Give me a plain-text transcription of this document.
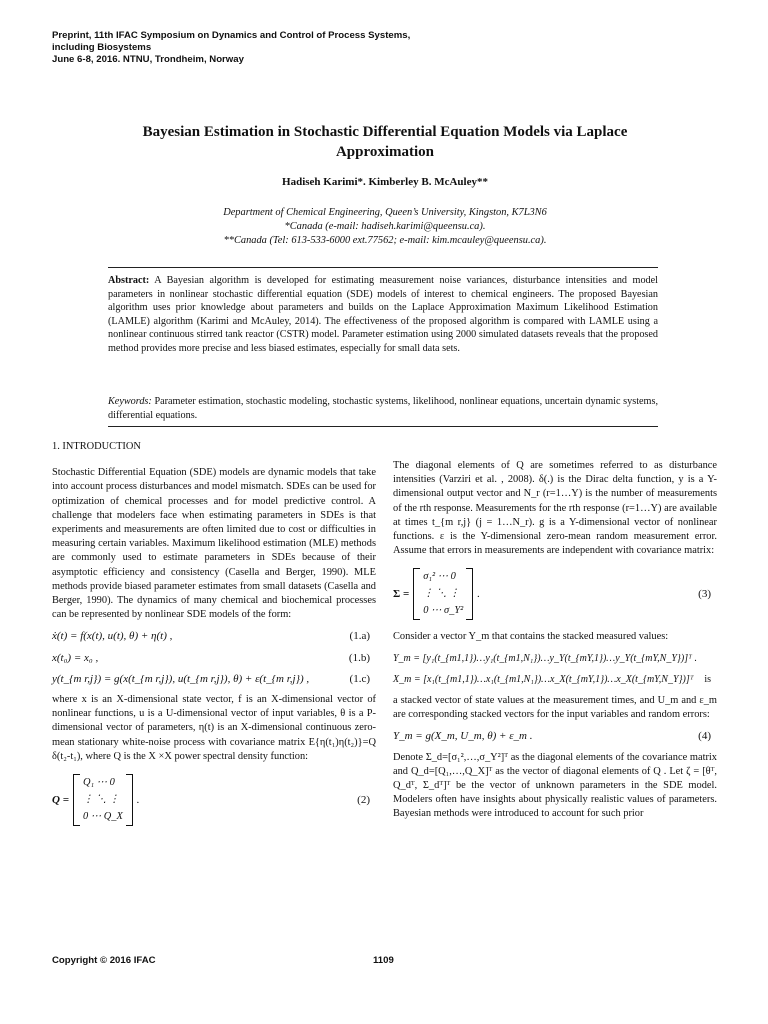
Preprint, 11th IFAC Symposium on Dynamics and Control of Process Systems,
including Biosystems
June 6-8, 2016. NTNU, Trondheim, Norway
Bayesian Estimation in Stochastic Differential Equation Models via Laplace
Approximation
Hadiseh Karimi*. Kimberley B. McAuley**
Department of Chemical Engineering, Queen’s University, Kingston, K7L3N6
*Canada (e-mail: hadiseh.karimi@queensu.ca).
**Canada (Tel: 613-533-6000 ext.77562; e-mail: kim.mcauley@queensu.ca).
Abstract: A Bayesian algorithm is developed for estimating measurement noise variances, disturbance intensities and model parameters in nonlinear stochastic differential equation (SDE) models of interest to chemical engineers. The proposed Bayesian algorithm uses prior knowledge about parameters and builds on the Laplace Approximation Maximum Likelihood Estimation (LAMLE) algorithm (Karimi and McAuley, 2014). The effectiveness of the proposed algorithm is compared with LAMLE using a nonlinear continuous stirred tank reactor (CSTR) model. Parameter estimation using 2000 simulated datasets reveals that the proposed method provides more precise and less biased estimates, especially for small data sets.
Keywords: Parameter estimation, stochastic modeling, stochastic systems, likelihood, nonlinear equations, uncertain dynamic systems, differential equations.

1. INTRODUCTION

Stochastic Differential Equation (SDE) models are dynamic models that take into account process disturbances and model mismatch. SDEs can be used for optimization of chemical processes and for model predictive control. A challenge that modelers face when estimating parameters in SDEs is that experiments and measurements are often limited due to cost or difficulties in measuring certain variables. Maximum likelihood estimation (MLE) methods are commonly used to estimate parameters in SDEs because of their asymptotic efficiency and consistency (Casella and Berger, 1990). MLE methods provide biased parameter estimates from small datasets (Casella and Berger, 1990). The dynamics of many chemical and biochemical processes can be represented by nonlinear SDE models of the form:

ẋ(t) = f(x(t), u(t), θ) + η(t) ,	(1.a)
x(t₀) = x₀ ,	(1.b)
y(t_{m r,j}) = g(x(t_{m r,j}), u(t_{m r,j}), θ) + ε(t_{m r,j}) ,	(1.c)

where x is an X-dimensional state vector, f is an X-dimensional vector of nonlinear functions, u is a U-dimensional vector of input variables, θ is a P-dimensional vector of parameters, η(t) is an X-dimensional continuous zero-mean stationary white-noise process with covariance matrix E{η(t₁)η(t₂)}=Q δ(t₂-t₁), where Q is the X ×X power spectral density function:

Q =
Q₁ ⋯ 0
⋮ ⋱ ⋮
0 ⋯ Q_X
.	(2)

The diagonal elements of Q are sometimes referred to as disturbance intensities (Varziri et al. , 2008). δ(.) is the Dirac delta function, y is a Y-dimensional output vector and N_r (r=1…Y) is the number of measurements of the rth response. Measurements for the rth response (r=1…Y) are available at times t_{m r,j} (j = 1…N_r). g is a Y-dimensional vector of nonlinear functions. ε is the Y-dimensional zero-mean random measurement error. Assume that errors in measurements are independent with covariance matrix:

Σ =
σ₁² ⋯ 0
⋮ ⋱ ⋮
0 ⋯ σ_Y²
.	(3)

Consider a vector Y_m that contains the stacked measured values:

Y_m = [y₁(t_{m1,1})…y₁(t_{m1,N₁})…y_Y(t_{mY,1})…y_Y(t_{mY,N_Y})]ᵀ .
X_m = [x₁(t_{m1,1})…x₁(t_{m1,N₁})…x_X(t_{mY,1})…x_X(t_{mY,N_Y})]ᵀ is

a stacked vector of state values at the measurement times, and U_m and ε_m are corresponding stacked vectors for the input variables and random errors:

Y_m = g(X_m, U_m, θ) + ε_m .	(4)

Denote Σ_d=[σ₁²,…,σ_Y²]ᵀ as the diagonal elements of the covariance matrix and Q_d=[Q₁,…,Q_X]ᵀ as the vector of diagonal elements of Q . Let ζ = [θᵀ, Q_dᵀ, Σ_dᵀ]ᵀ be the vector of unknown parameters in the SDE model. Modelers often have insights about physically realistic values of parameters. Bayesian methods were introduced to account for such prior

Copyright © 2016 IFAC	1109
